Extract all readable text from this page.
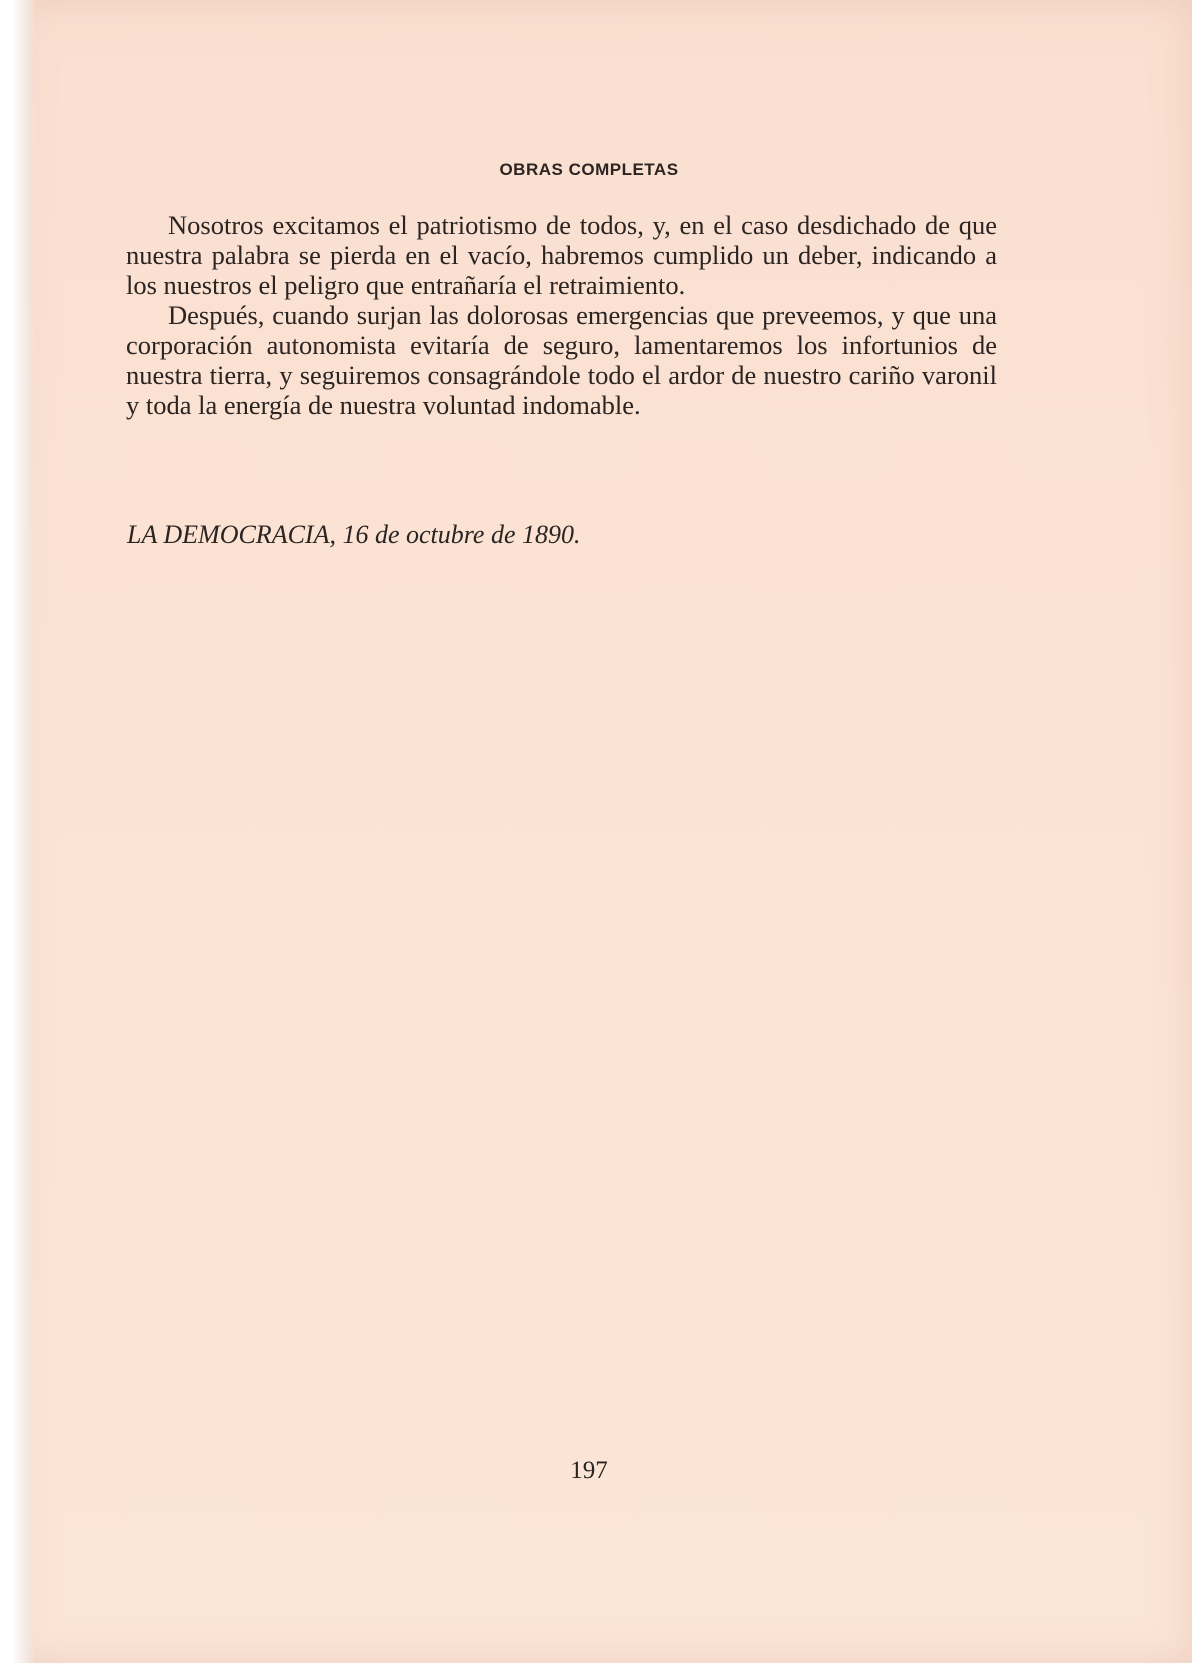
OBRAS COMPLETAS

Nosotros excitamos el patriotismo de todos, y, en el caso desdichado de que nuestra palabra se pierda en el vacío, habremos cumplido un deber, indicando a los nuestros el peligro que entrañaría el retraimiento.

Después, cuando surjan las dolorosas emergencias que preveemos, y que una corporación autonomista evitaría de seguro, lamentaremos los infortunios de nuestra tierra, y seguiremos consagrándole todo el ardor de nuestro cariño varonil y toda la energía de nuestra voluntad indomable.

LA DEMOCRACIA, 16 de octubre de 1890.
197
